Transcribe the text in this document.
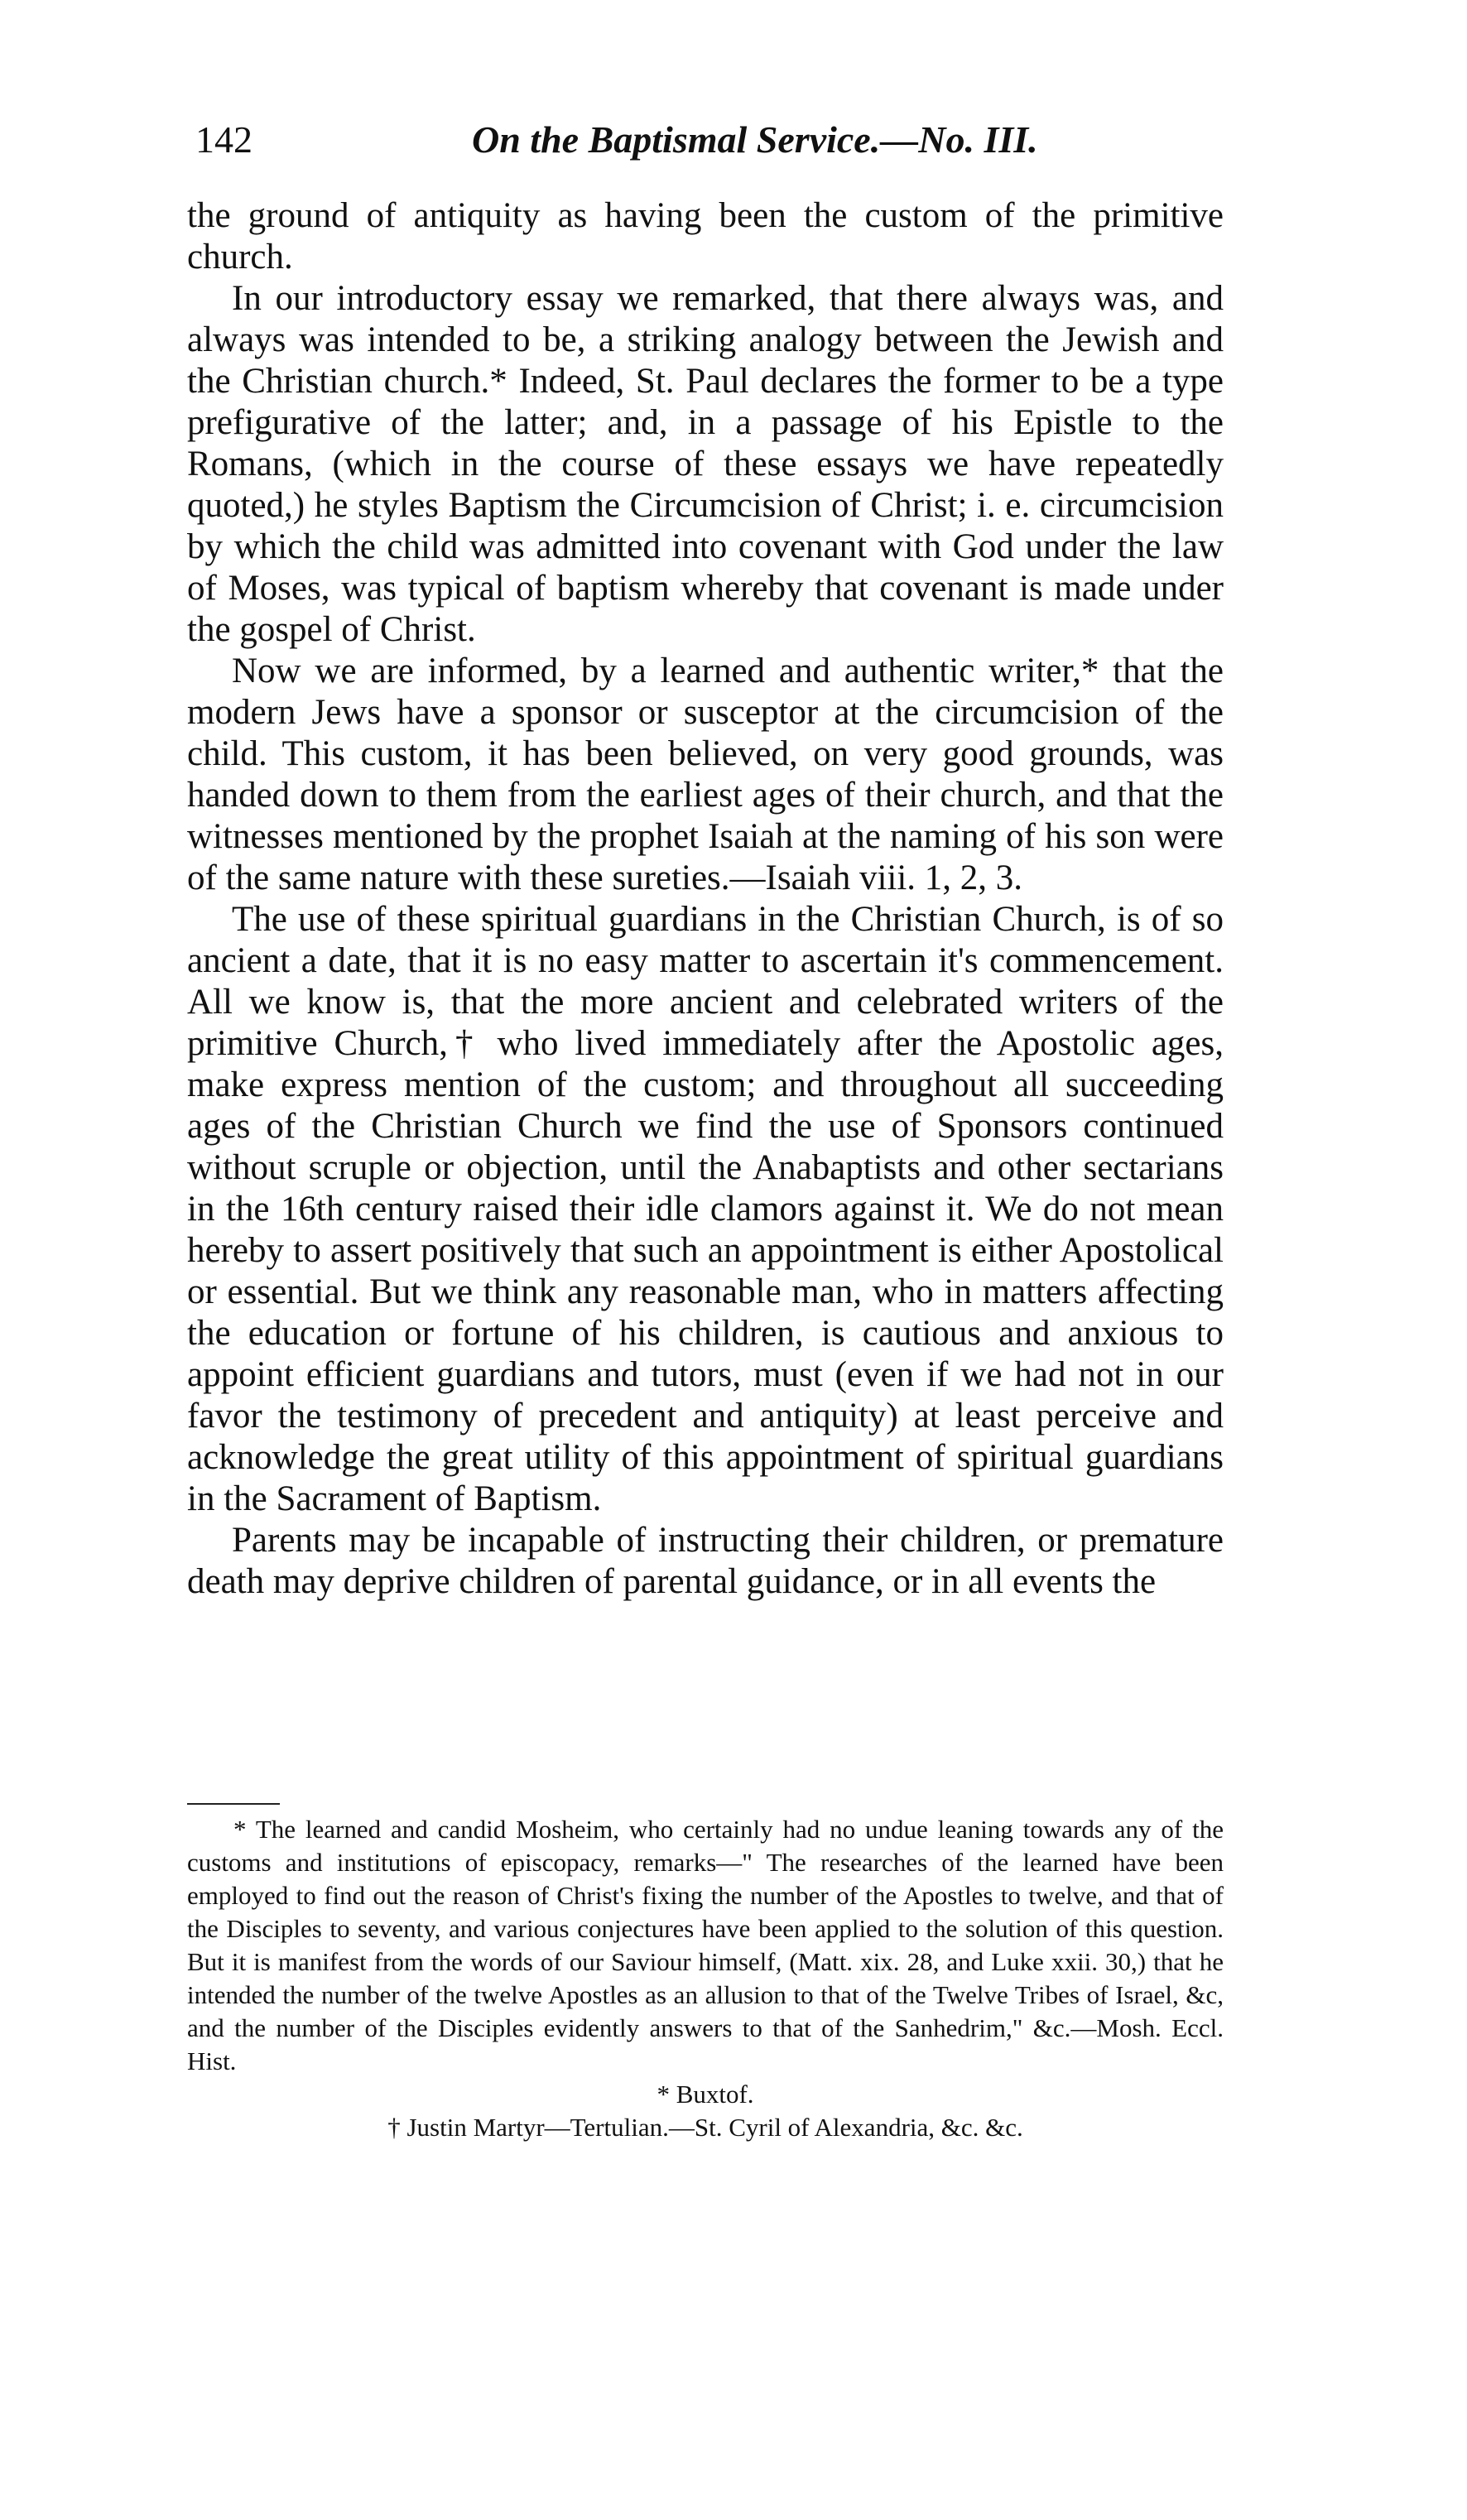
142	On the Baptismal Service.—No. III.

the ground of antiquity as having been the custom of the primitive church.

In our introductory essay we remarked, that there always was, and always was intended to be, a striking analogy between the Jewish and the Christian church.* Indeed, St. Paul declares the former to be a type prefigurative of the latter; and, in a passage of his Epistle to the Romans, (which in the course of these essays we have repeatedly quoted,) he styles Baptism the Circumcision of Christ; i. e. circumcision by which the child was admitted into covenant with God under the law of Moses, was typical of baptism whereby that covenant is made under the gospel of Christ.

Now we are informed, by a learned and authentic writer,* that the modern Jews have a sponsor or susceptor at the circumcision of the child. This custom, it has been believed, on very good grounds, was handed down to them from the earliest ages of their church, and that the witnesses mentioned by the prophet Isaiah at the naming of his son were of the same nature with these sureties.—Isaiah viii. 1, 2, 3.

The use of these spiritual guardians in the Christian Church, is of so ancient a date, that it is no easy matter to ascertain it's commencement. All we know is, that the more ancient and celebrated writers of the primitive Church,† who lived immediately after the Apostolic ages, make express mention of the custom; and throughout all succeeding ages of the Christian Church we find the use of Sponsors continued without scruple or objection, until the Anabaptists and other sectarians in the 16th century raised their idle clamors against it. We do not mean hereby to assert positively that such an appointment is either Apostolical or essential. But we think any reasonable man, who in matters affecting the education or fortune of his children, is cautious and anxious to appoint efficient guardians and tutors, must (even if we had not in our favor the testimony of precedent and antiquity) at least perceive and acknowledge the great utility of this appointment of spiritual guardians in the Sacrament of Baptism.

Parents may be incapable of instructing their children, or premature death may deprive children of parental guidance, or in all events the

* The learned and candid Mosheim, who certainly had no undue leaning towards any of the customs and institutions of episcopacy, remarks—" The researches of the learned have been employed to find out the reason of Christ's fixing the number of the Apostles to twelve, and that of the Disciples to seventy, and various conjectures have been applied to the solution of this question. But it is manifest from the words of our Saviour himself, (Matt. xix. 28, and Luke xxii. 30,) that he intended the number of the twelve Apostles as an allusion to that of the Twelve Tribes of Israel, &c, and the number of the Disciples evidently answers to that of the Sanhedrim," &c.—Mosh. Eccl. Hist.

* Buxtof.

† Justin Martyr—Tertulian.—St. Cyril of Alexandria, &c. &c.
